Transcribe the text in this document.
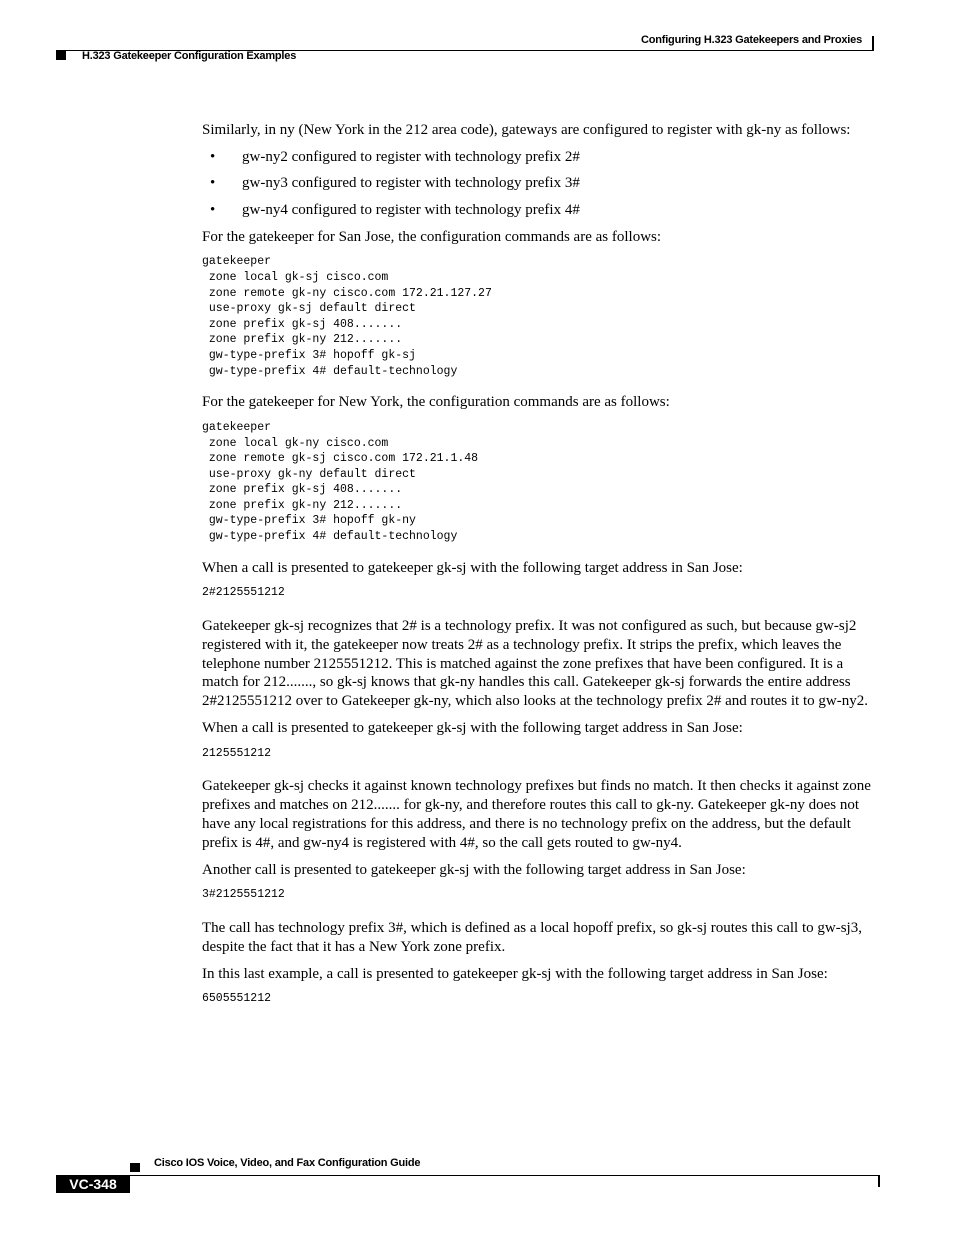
Configuring H.323 Gatekeepers and Proxies
H.323 Gatekeeper Configuration Examples

Similarly, in ny (New York in the 212 area code), gateways are configured to register with gk-ny as follows:

• gw-ny2 configured to register with technology prefix 2#
• gw-ny3 configured to register with technology prefix 3#
• gw-ny4 configured to register with technology prefix 4#

For the gatekeeper for San Jose, the configuration commands are as follows:

gatekeeper
zone local gk-sj cisco.com
zone remote gk-ny cisco.com 172.21.127.27
use-proxy gk-sj default direct
zone prefix gk-sj 408.......
zone prefix gk-ny 212.......
gw-type-prefix 3# hopoff gk-sj
gw-type-prefix 4# default-technology

For the gatekeeper for New York, the configuration commands are as follows:

gatekeeper
zone local gk-ny cisco.com
zone remote gk-sj cisco.com 172.21.1.48
use-proxy gk-ny default direct
zone prefix gk-sj 408.......
zone prefix gk-ny 212.......
gw-type-prefix 3# hopoff gk-ny
gw-type-prefix 4# default-technology

When a call is presented to gatekeeper gk-sj with the following target address in San Jose:

2#2125551212

Gatekeeper gk-sj recognizes that 2# is a technology prefix. It was not configured as such, but because gw-sj2 registered with it, the gatekeeper now treats 2# as a technology prefix. It strips the prefix, which leaves the telephone number 2125551212. This is matched against the zone prefixes that have been configured. It is a match for 212......., so gk-sj knows that gk-ny handles this call. Gatekeeper gk-sj forwards the entire address 2#2125551212 over to Gatekeeper gk-ny, which also looks at the technology prefix 2# and routes it to gw-ny2.

When a call is presented to gatekeeper gk-sj with the following target address in San Jose:

2125551212

Gatekeeper gk-sj checks it against known technology prefixes but finds no match. It then checks it against zone prefixes and matches on 212....... for gk-ny, and therefore routes this call to gk-ny. Gatekeeper gk-ny does not have any local registrations for this address, and there is no technology prefix on the address, but the default prefix is 4#, and gw-ny4 is registered with 4#, so the call gets routed to gw-ny4.

Another call is presented to gatekeeper gk-sj with the following target address in San Jose:

3#2125551212

The call has technology prefix 3#, which is defined as a local hopoff prefix, so gk-sj routes this call to gw-sj3, despite the fact that it has a New York zone prefix.

In this last example, a call is presented to gatekeeper gk-sj with the following target address in San Jose:

6505551212
Cisco IOS Voice, Video, and Fax Configuration Guide
VC-348
